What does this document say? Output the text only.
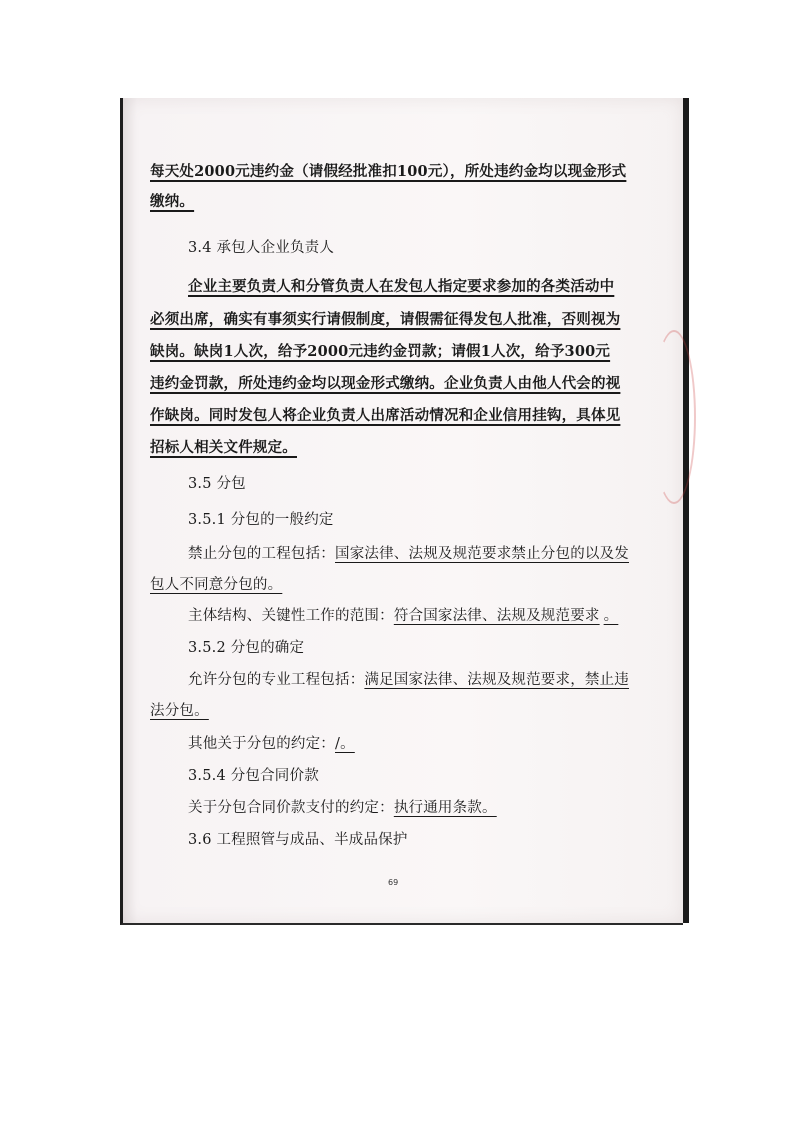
每天处2000元违约金（请假经批准扣100元），所处违约金均以现金形式
缴纳。
3.4 承包人企业负责人
企业主要负责人和分管负责人在发包人指定要求参加的各类活动中
必须出席，确实有事须实行请假制度，请假需征得发包人批准，否则视为
缺岗。缺岗1人次，给予2000元违约金罚款；请假1人次，给予300元
违约金罚款，所处违约金均以现金形式缴纳。企业负责人由他人代会的视
作缺岗。同时发包人将企业负责人出席活动情况和企业信用挂钩，具体见
招标人相关文件规定。
3.5 分包
3.5.1 分包的一般约定
禁止分包的工程包括：国家法律、法规及规范要求禁止分包的以及发
包人不同意分包的。
主体结构、关键性工作的范围：符合国家法律、法规及规范要求 。
3.5.2 分包的确定
允许分包的专业工程包括：满足国家法律、法规及规范要求，禁止违
法分包。
其他关于分包的约定：/。
3.5.4 分包合同价款
关于分包合同价款支付的约定：执行通用条款。
3.6 工程照管与成品、半成品保护
69
